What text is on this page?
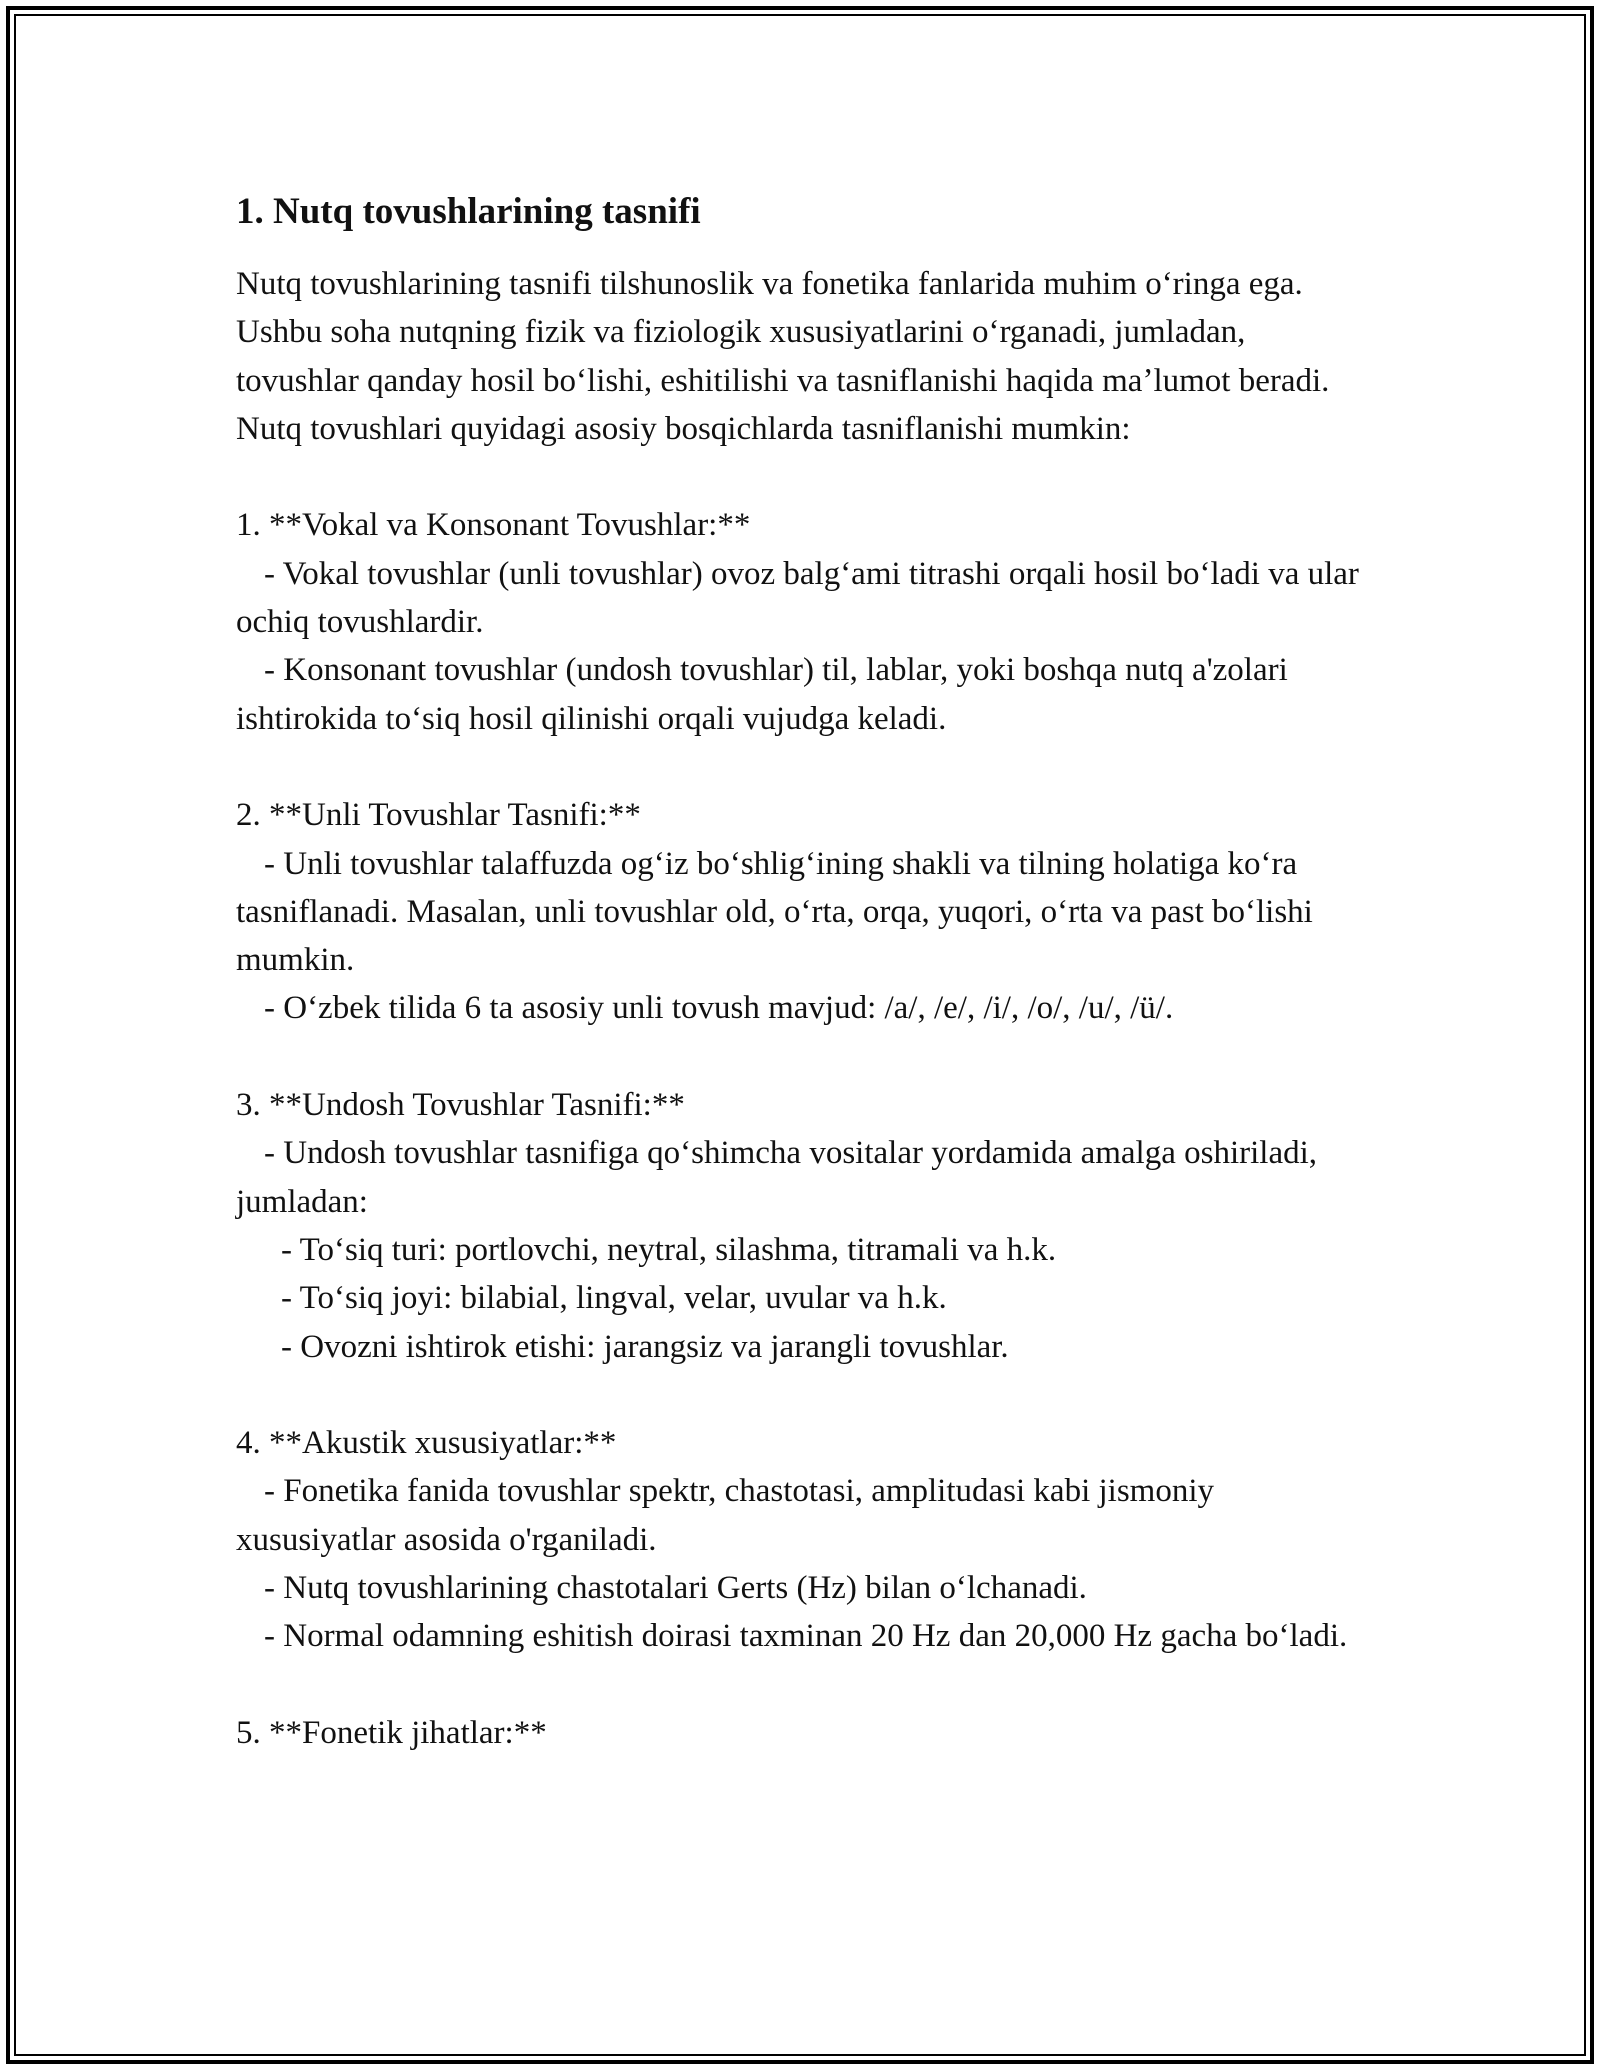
1. Nutq tovushlarining tasnifi

Nutq tovushlarining tasnifi tilshunoslik va fonetika fanlarida muhim oʻringa ega. Ushbu soha nutqning fizik va fiziologik xususiyatlarini oʻrganadi, jumladan, tovushlar qanday hosil boʻlishi, eshitilishi va tasniflanishi haqida maʼlumot beradi. Nutq tovushlari quyidagi asosiy bosqichlarda tasniflanishi mumkin:

1. **Vokal va Konsonant Tovushlar:**
- Vokal tovushlar (unli tovushlar) ovoz balgʻami titrashi orqali hosil boʻladi va ular ochiq tovushlardir.
- Konsonant tovushlar (undosh tovushlar) til, lablar, yoki boshqa nutq a'zolari ishtirokida toʻsiq hosil qilinishi orqali vujudga keladi.
2. **Unli Tovushlar Tasnifi:**
- Unli tovushlar talaffuzda ogʻiz boʻshligʻining shakli va tilning holatiga koʻra tasniflanadi. Masalan, unli tovushlar old, oʻrta, orqa, yuqori, oʻrta va past boʻlishi mumkin.
- Oʻzbek tilida 6 ta asosiy unli tovush mavjud: /a/, /e/, /i/, /o/, /u/, /ü/.
3. **Undosh Tovushlar Tasnifi:**
- Undosh tovushlar tasnifiga qoʻshimcha vositalar yordamida amalga oshiriladi, jumladan:
- Toʻsiq turi: portlovchi, neytral, silashma, titramali va h.k.
- Toʻsiq joyi: bilabial, lingval, velar, uvular va h.k.
- Ovozni ishtirok etishi: jarangsiz va jarangli tovushlar.
4. **Akustik xususiyatlar:**
- Fonetika fanida tovushlar spektr, chastotasi, amplitudasi kabi jismoniy xususiyatlar asosida o'rganiladi.
- Nutq tovushlarining chastotalari Gerts (Hz) bilan oʻlchanadi.
- Normal odamning eshitish doirasi taxminan 20 Hz dan 20,000 Hz gacha boʻladi.
5. **Fonetik jihatlar:**
